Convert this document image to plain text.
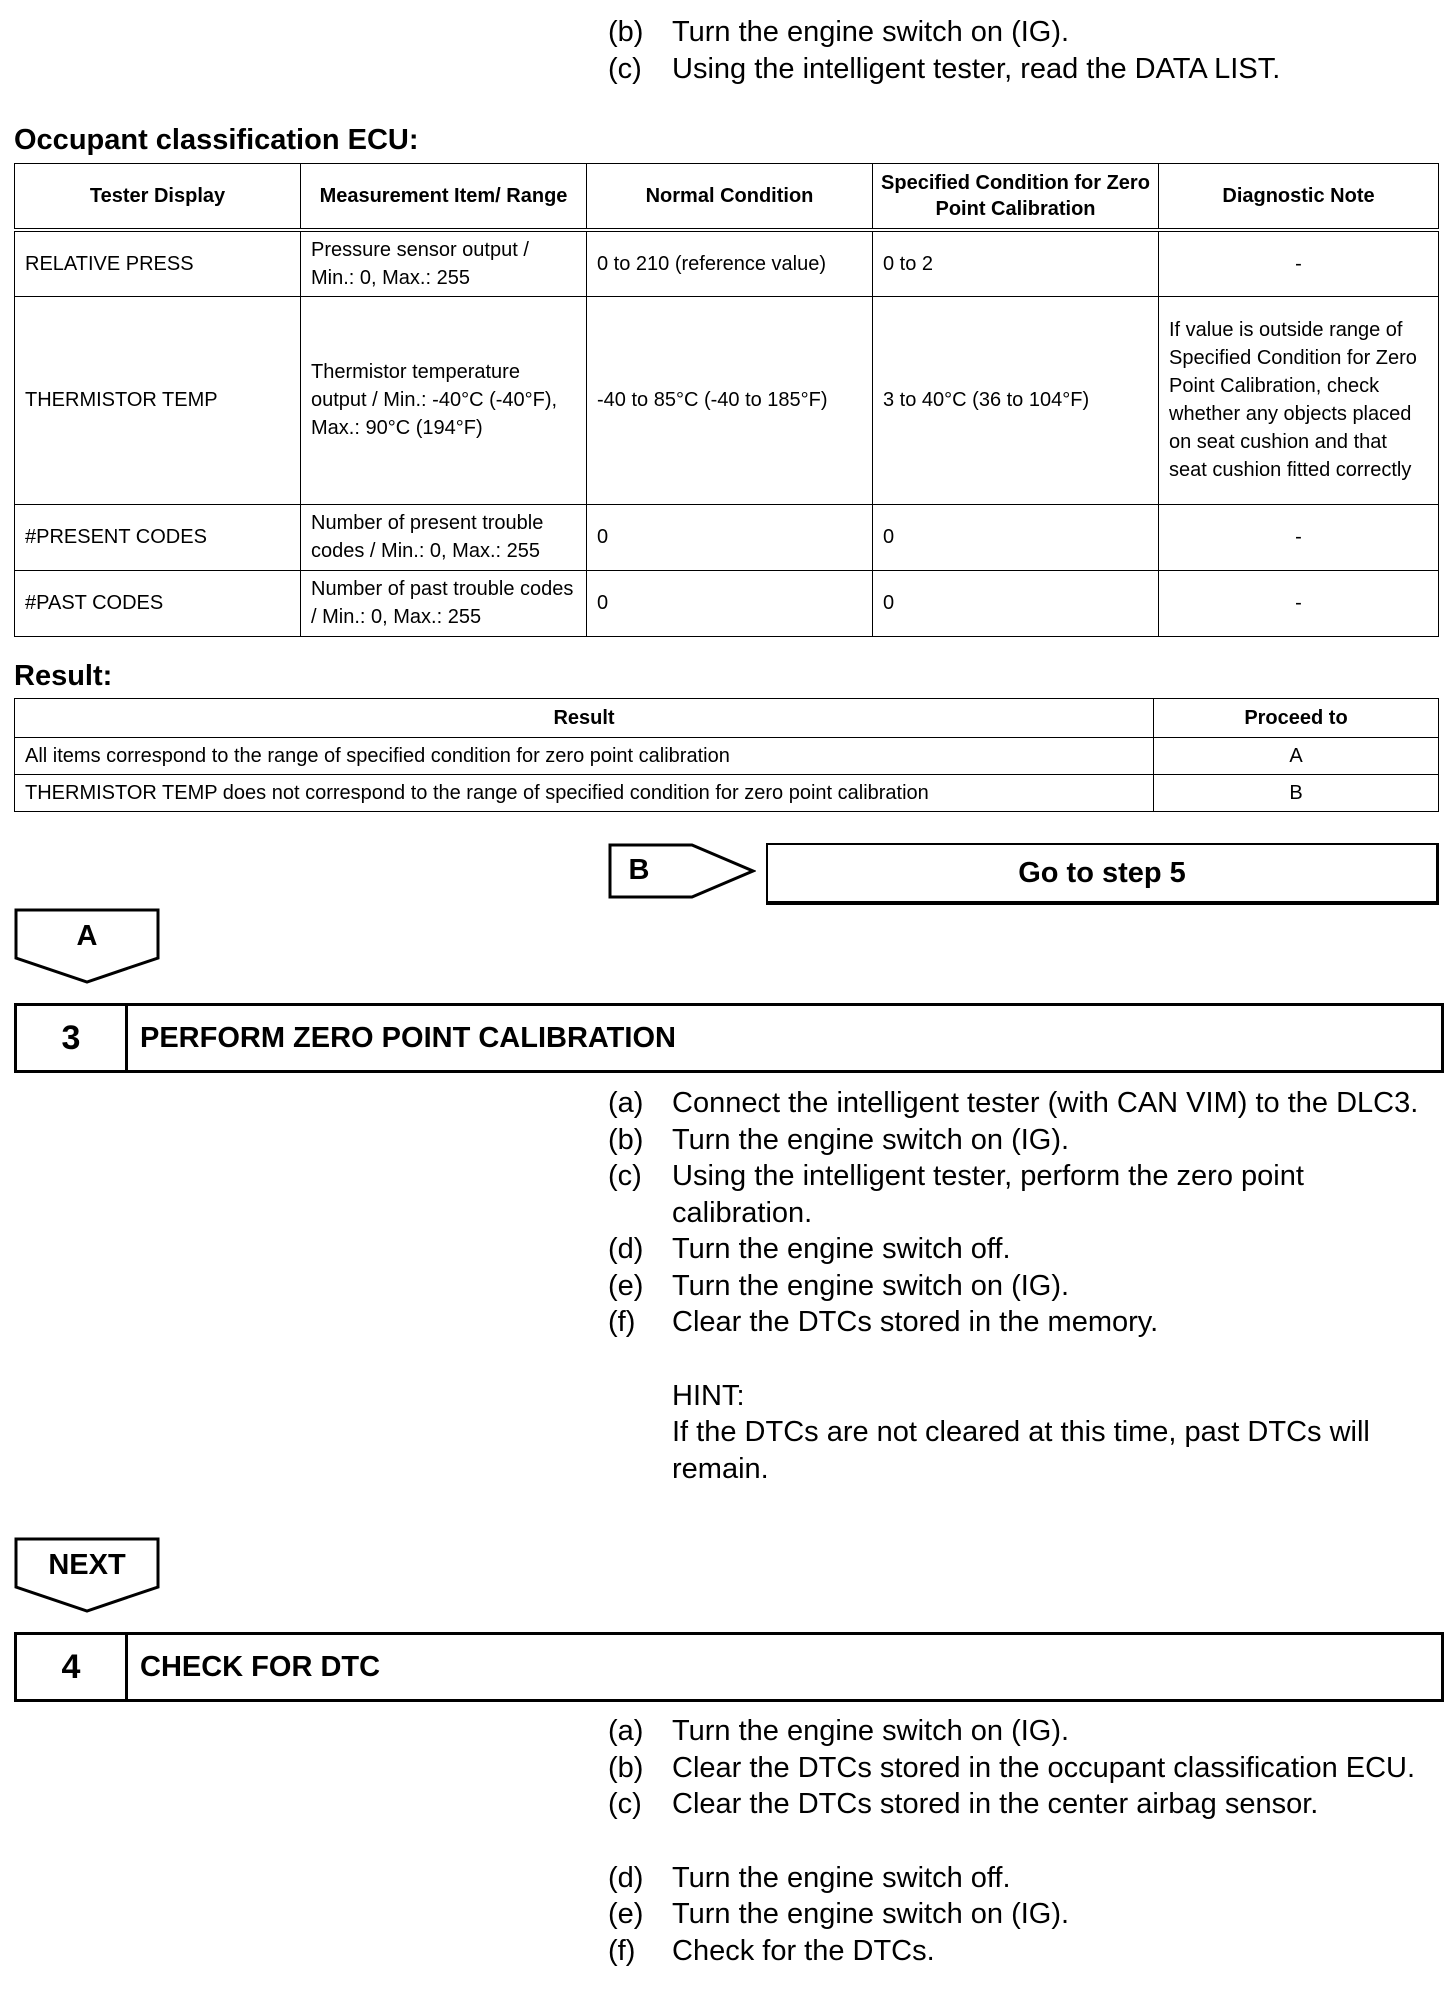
(b) Turn the engine switch on (IG).
(c) Using the intelligent tester, read the DATA LIST.
Occupant classification ECU:
Tester Display	Measurement Item/ Range	Normal Condition	Specified Condition for Zero Point Calibration	Diagnostic Note
RELATIVE PRESS	Pressure sensor output / Min.: 0, Max.: 255	0 to 210 (reference value)	0 to 2	-
THERMISTOR TEMP	Thermistor temperature output / Min.: -40°C (-40°F), Max.: 90°C (194°F)	-40 to 85°C (-40 to 185°F)	3 to 40°C (36 to 104°F)	If value is outside range of Specified Condition for Zero Point Calibration, check whether any objects placed on seat cushion and that seat cushion fitted correctly
#PRESENT CODES	Number of present trouble codes / Min.: 0, Max.: 255	0	0	-
#PAST CODES	Number of past trouble codes / Min.: 0, Max.: 255	0	0	-
Result:
Result	Proceed to
All items correspond to the range of specified condition for zero point calibration	A
THERMISTOR TEMP does not correspond to the range of specified condition for zero point calibration	B
B	Go to step 5
A
3	PERFORM ZERO POINT CALIBRATION
(a) Connect the intelligent tester (with CAN VIM) to the DLC3.
(b) Turn the engine switch on (IG).
(c) Using the intelligent tester, perform the zero point calibration.
(d) Turn the engine switch off.
(e) Turn the engine switch on (IG).
(f) Clear the DTCs stored in the memory.
HINT:
If the DTCs are not cleared at this time, past DTCs will remain.
NEXT
4	CHECK FOR DTC
(a) Turn the engine switch on (IG).
(b) Clear the DTCs stored in the occupant classification ECU.
(c) Clear the DTCs stored in the center airbag sensor.
(d) Turn the engine switch off.
(e) Turn the engine switch on (IG).
(f) Check for the DTCs.
